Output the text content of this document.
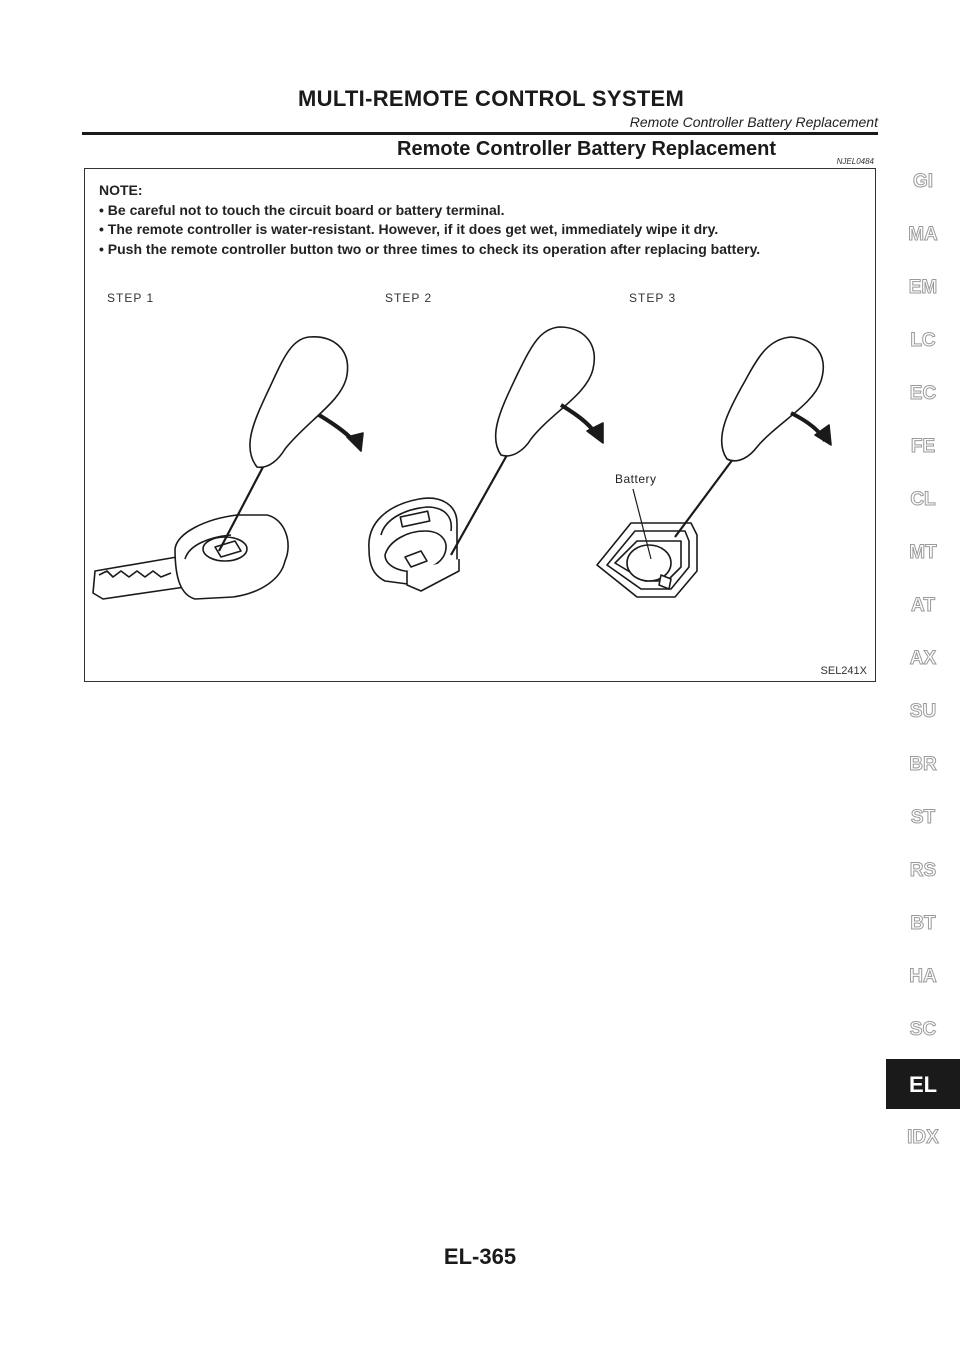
MULTI-REMOTE CONTROL SYSTEM
Remote Controller Battery Replacement
Remote Controller Battery Replacement
NJEL0484
NOTE:
• Be careful not to touch the circuit board or battery terminal.
• The remote controller is water-resistant. However, if it does get wet, immediately wipe it dry.
• Push the remote controller button two or three times to check its operation after replacing battery.
STEP 1	STEP 2	STEP 3
Battery
SEL241X
GI
MA
EM
LC
EC
FE
CL
MT
AT
AX
SU
BR
ST
RS
BT
HA
SC
EL
IDX
EL-365
